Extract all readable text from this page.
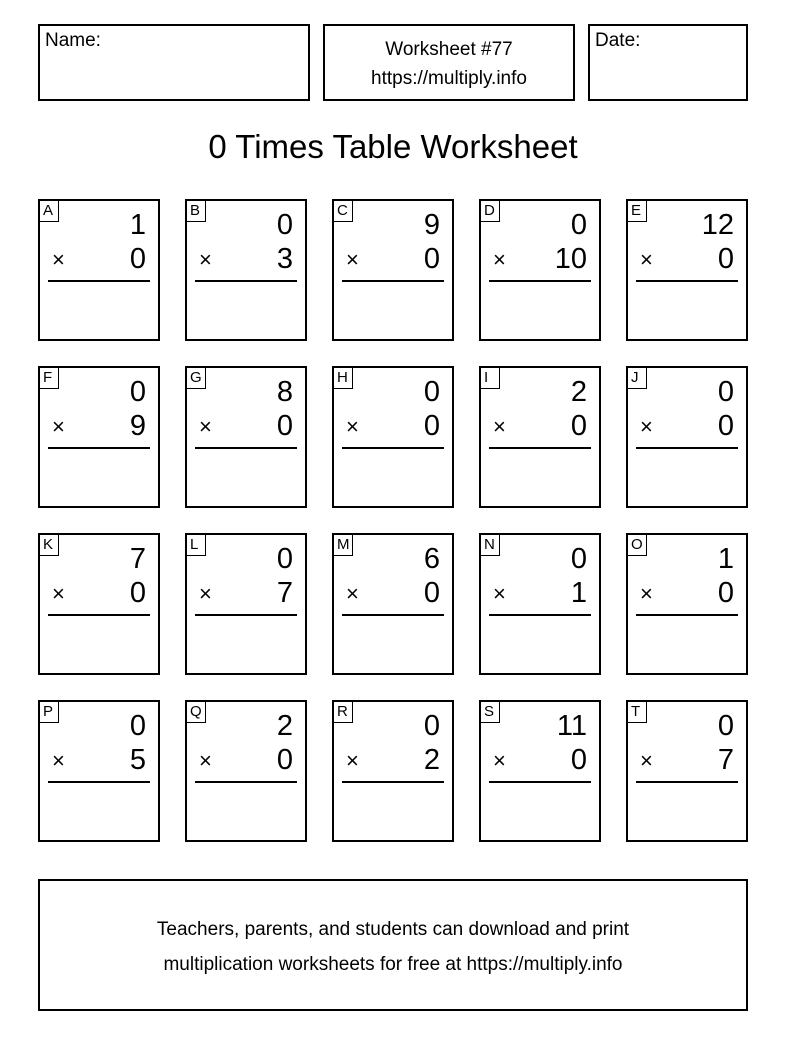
Name:	Worksheet #77
https://multiply.info
Date:
0 Times Table Worksheet
A	1
× 0
B	0
× 3
C	9
× 0
D	0
× 10
E 12
× 0
F	0
× 9
G	8
× 0
H	0
× 0
I	2
× 0
J	0
× 0
K	7
× 0
L	0
× 7
M	6
× 0
N	0
× 1
O	1
× 0
P	0
× 5
Q	2
× 0
R	0
× 2
S 11
× 0
T	0
× 7
Teachers, parents, and students can download and print
multiplication worksheets for free at https://multiply.info
